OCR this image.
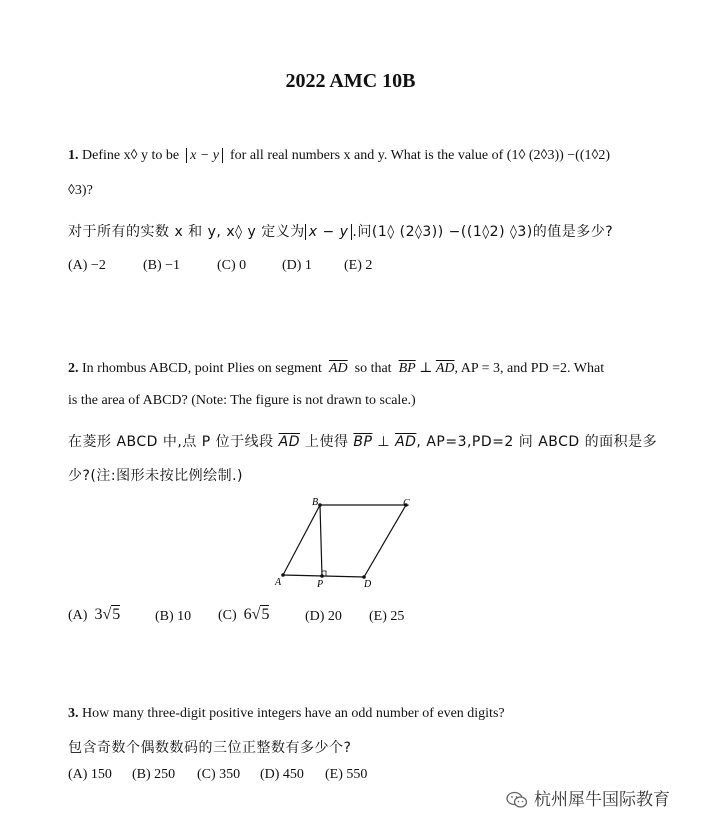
2022 AMC 10B
1. Define x◊ y to be x − y for all real numbers x and y. What is the value of (1◊ (2◊3)) −((1◊2)
◊3)?
对于所有的实数 x 和 y, x◊ y 定义为 x − y .问(1◊ (2◊3)) −((1◊2) ◊3)的值是多少?
(A) −2	(B) −1	(C) 0	(D) 1 (E) 2
2. In rhombus ABCD, point Plies on segment $\overline{AD}$ so that $\overline{BP}$ ⊥ $\overline{AD}$, AP = 3, and PD =2. What
is the area of ABCD? (Note: The figure is not drawn to scale.)
在菱形 ABCD 中,点 P 位于线段 $\overline{AD}$ 上使得 $\overline{BP}$ ⊥ $\overline{AD}$, AP=3,PD=2 问 ABCD 的面积是多
少?(注:图形未按比例绘制.)
B	C
A	P	D
(A) 3√5 (B) 10 (C) 6√5	(D) 20 (E) 25
3. How many three-digit positive integers have an odd number of even digits?
包含奇数个偶数数码的三位正整数有多少个?
(A) 150 (B) 250 (C) 350 (D) 450 (E) 550
杭州犀牛国际教育
